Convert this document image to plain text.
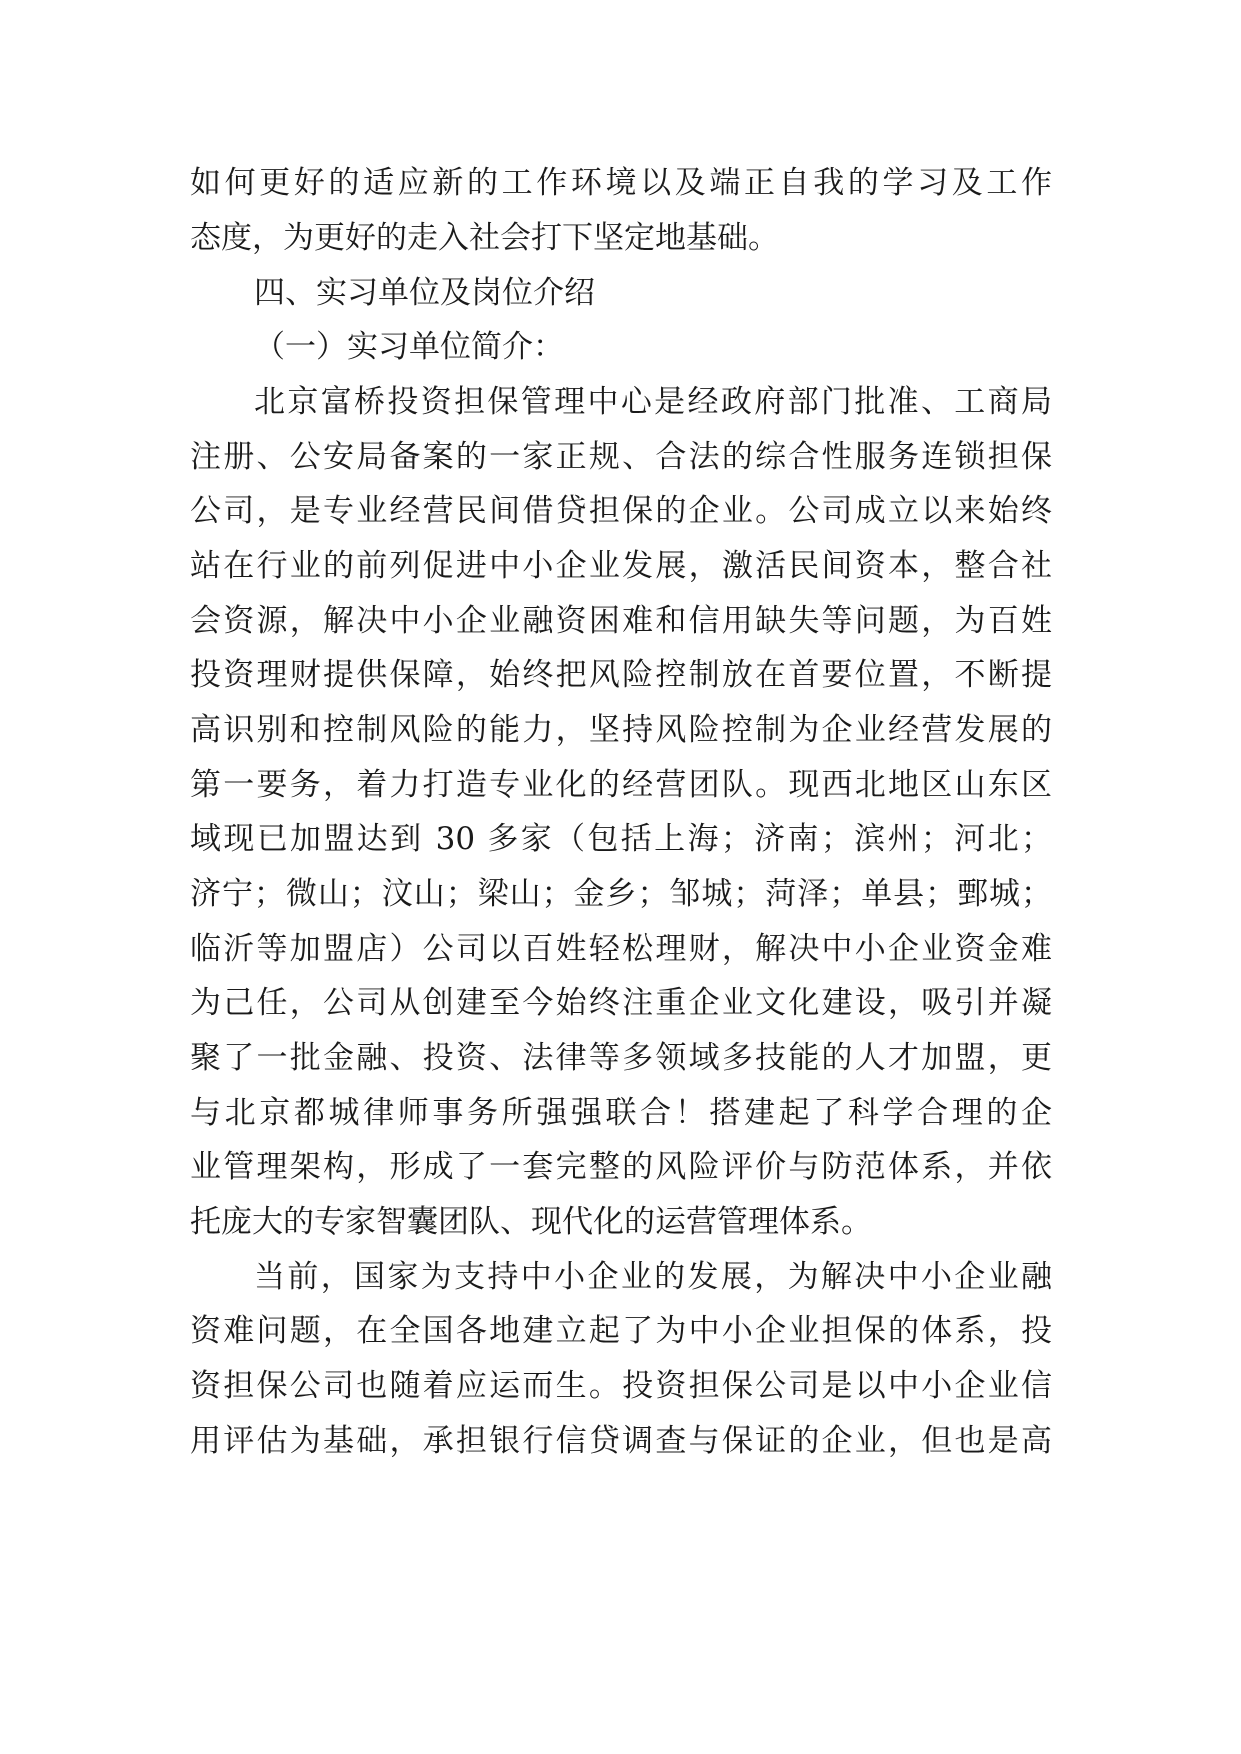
如何更好的适应新的工作环境以及端正自我的学习及工作
态度，为更好的走入社会打下坚定地基础。
四、实习单位及岗位介绍
（一）实习单位简介：
北京富桥投资担保管理中心是经政府部门批准、工商局
注册、公安局备案的一家正规、合法的综合性服务连锁担保
公司，是专业经营民间借贷担保的企业。公司成立以来始终
站在行业的前列促进中小企业发展，激活民间资本，整合社
会资源，解决中小企业融资困难和信用缺失等问题，为百姓
投资理财提供保障，始终把风险控制放在首要位置，不断提
高识别和控制风险的能力，坚持风险控制为企业经营发展的
第一要务，着力打造专业化的经营团队。现西北地区山东区
域现已加盟达到 30 多家（包括上海；济南；滨州；河北；
济宁；微山；汶山；梁山；金乡；邹城；菏泽；单县；鄄城；
临沂等加盟店）公司以百姓轻松理财，解决中小企业资金难
为己任，公司从创建至今始终注重企业文化建设，吸引并凝
聚了一批金融、投资、法律等多领域多技能的人才加盟，更
与北京都城律师事务所强强联合！搭建起了科学合理的企
业管理架构，形成了一套完整的风险评价与防范体系，并依
托庞大的专家智囊团队、现代化的运营管理体系。
当前，国家为支持中小企业的发展，为解决中小企业融
资难问题，在全国各地建立起了为中小企业担保的体系，投
资担保公司也随着应运而生。投资担保公司是以中小企业信
用评估为基础，承担银行信贷调查与保证的企业，但也是高
